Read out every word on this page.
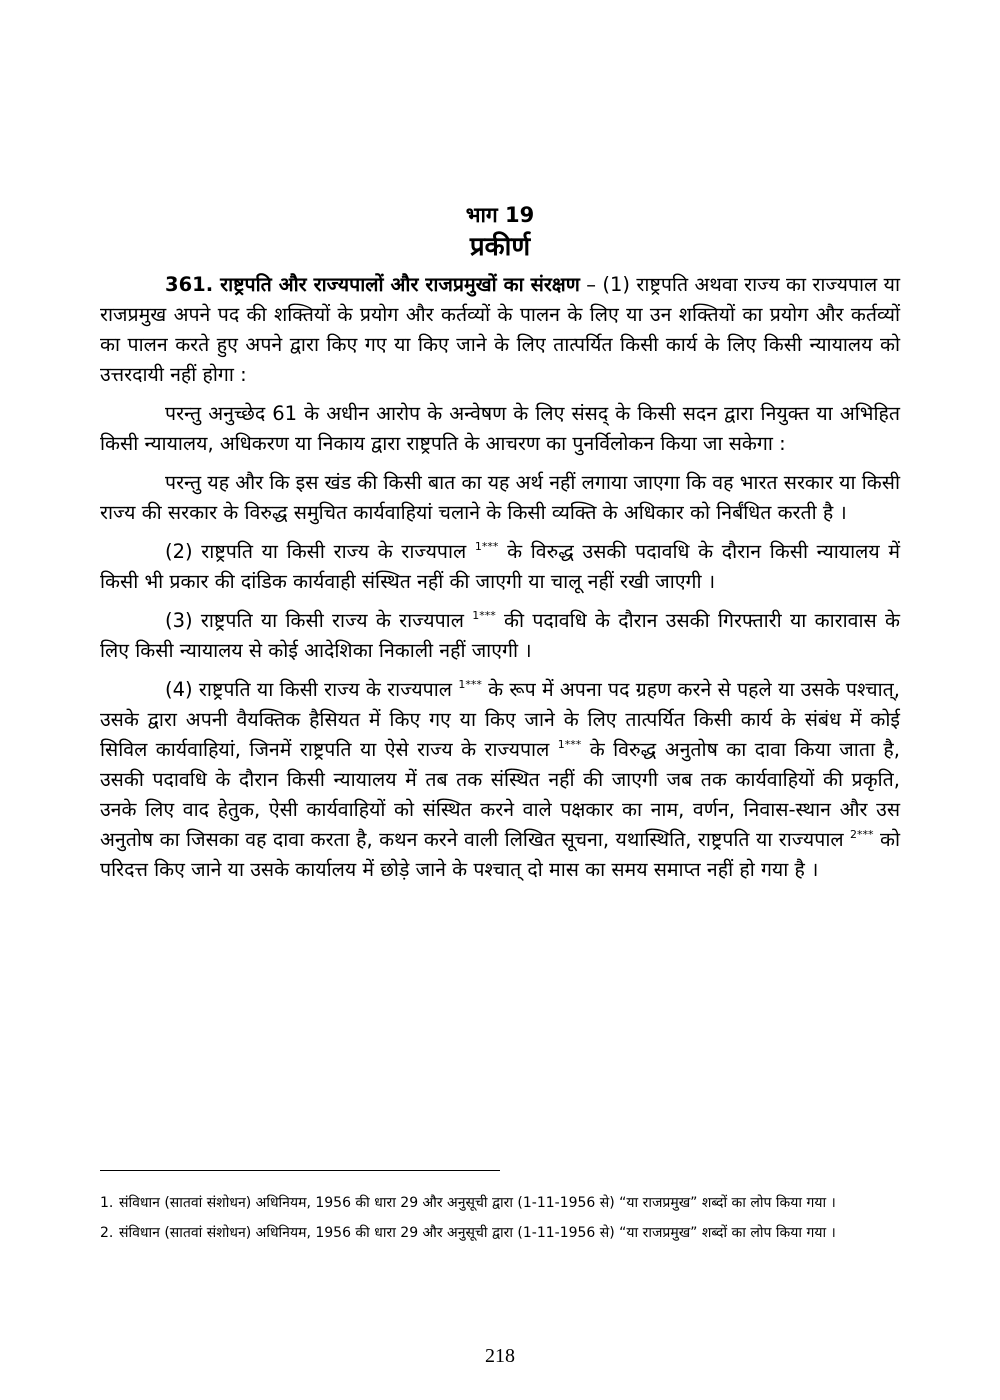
भाग 19

प्रकीर्ण

361. राष्ट्रपति और राज्यपालों और राजप्रमुखों का संरक्षण – (1) राष्ट्रपति अथवा राज्य का राज्यपाल या राजप्रमुख अपने पद की शक्तियों के प्रयोग और कर्तव्यों के पालन के लिए या उन शक्तियों का प्रयोग और कर्तव्यों का पालन करते हुए अपने द्वारा किए गए या किए जाने के लिए तात्पर्यित किसी कार्य के लिए किसी न्यायालय को उत्तरदायी नहीं होगा :

परन्तु अनुच्छेद 61 के अधीन आरोप के अन्वेषण के लिए संसद् के किसी सदन द्वारा नियुक्त या अभिहित किसी न्यायालय, अधिकरण या निकाय द्वारा राष्ट्रपति के आचरण का पुनर्विलोकन किया जा सकेगा :

परन्तु यह और कि इस खंड की किसी बात का यह अर्थ नहीं लगाया जाएगा कि वह भारत सरकार या किसी राज्य की सरकार के विरुद्ध समुचित कार्यवाहियां चलाने के किसी व्यक्ति के अधिकार को निर्बंधित करती है ।

(2) राष्ट्रपति या किसी राज्य के राज्यपाल $^{1***}$ के विरुद्ध उसकी पदावधि के दौरान किसी न्यायालय में किसी भी प्रकार की दांडिक कार्यवाही संस्थित नहीं की जाएगी या चालू नहीं रखी जाएगी ।

(3) राष्ट्रपति या किसी राज्य के राज्यपाल $^{1***}$ की पदावधि के दौरान उसकी गिरफ्तारी या कारावास के लिए किसी न्यायालय से कोई आदेशिका निकाली नहीं जाएगी ।

(4) राष्ट्रपति या किसी राज्य के राज्यपाल $^{1***}$ के रूप में अपना पद ग्रहण करने से पहले या उसके पश्चात्, उसके द्वारा अपनी वैयक्तिक हैसियत में किए गए या किए जाने के लिए तात्पर्यित किसी कार्य के संबंध में कोई सिविल कार्यवाहियां, जिनमें राष्ट्रपति या ऐसे राज्य के राज्यपाल $^{1***}$ के विरुद्ध अनुतोष का दावा किया जाता है, उसकी पदावधि के दौरान किसी न्यायालय में तब तक संस्थित नहीं की जाएगी जब तक कार्यवाहियों की प्रकृति, उनके लिए वाद हेतुक, ऐसी कार्यवाहियों को संस्थित करने वाले पक्षकार का नाम, वर्णन, निवास-स्थान और उस अनुतोष का जिसका वह दावा करता है, कथन करने वाली लिखित सूचना, यथास्थिति, राष्ट्रपति या राज्यपाल $^{2***}$ को परिदत्त किए जाने या उसके कार्यालय में छोड़े जाने के पश्चात् दो मास का समय समाप्त नहीं हो गया है ।

1. संविधान (सातवां संशोधन) अधिनियम, 1956 की धारा 29 और अनुसूची द्वारा (1-11-1956 से) “या राजप्रमुख” शब्दों का लोप किया गया ।

2. संविधान (सातवां संशोधन) अधिनियम, 1956 की धारा 29 और अनुसूची द्वारा (1-11-1956 से) “या राजप्रमुख” शब्दों का लोप किया गया ।

218
